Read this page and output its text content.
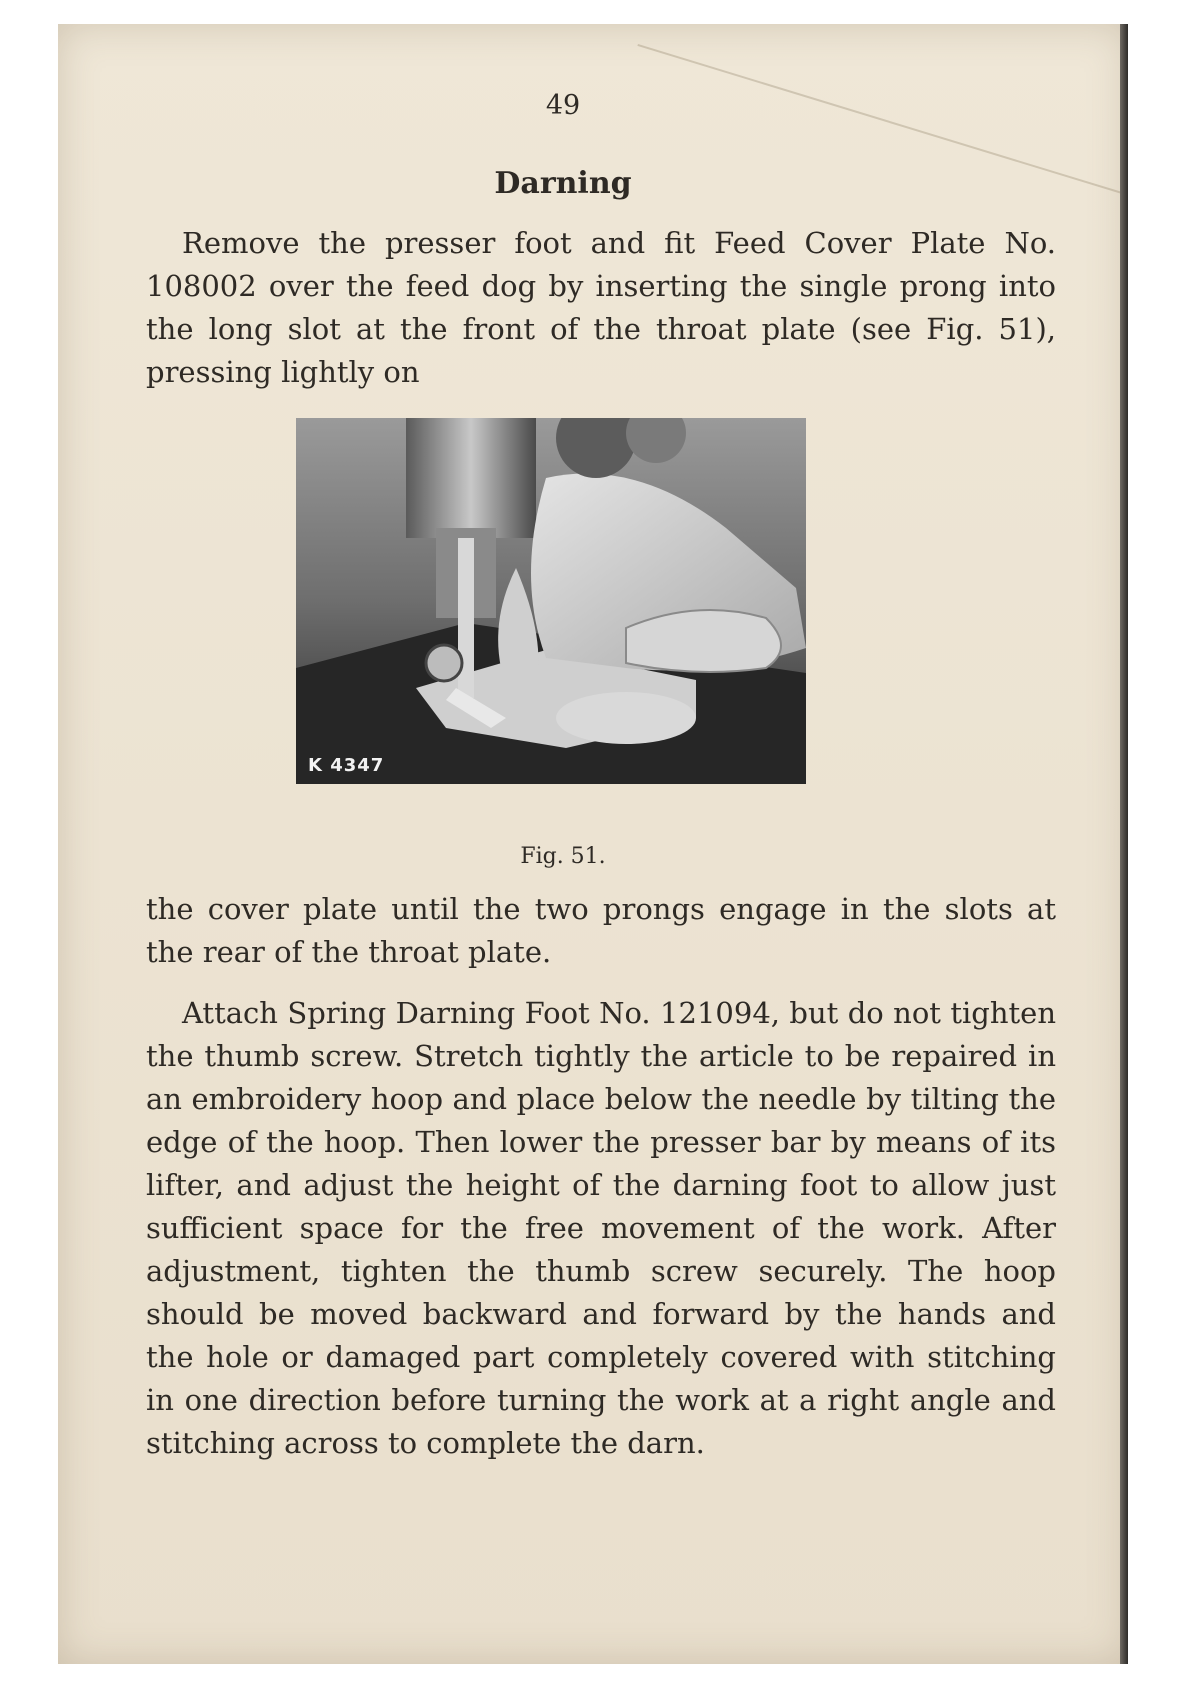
49
Darning

Remove the presser foot and fit Feed Cover Plate No. 108002 over the feed dog by inserting the single prong into the long slot at the front of the throat plate (see Fig. 51), pressing lightly on

K 4347
Fig. 51.

the cover plate until the two prongs engage in the slots at the rear of the throat plate.

Attach Spring Darning Foot No. 121094, but do not tighten the thumb screw. Stretch tightly the article to be repaired in an embroidery hoop and place below the needle by tilting the edge of the hoop. Then lower the presser bar by means of its lifter, and adjust the height of the darning foot to allow just sufficient space for the free movement of the work. After adjustment, tighten the thumb screw securely. The hoop should be moved backward and forward by the hands and the hole or damaged part completely covered with stitching in one direction before turning the work at a right angle and stitching across to complete the darn.
